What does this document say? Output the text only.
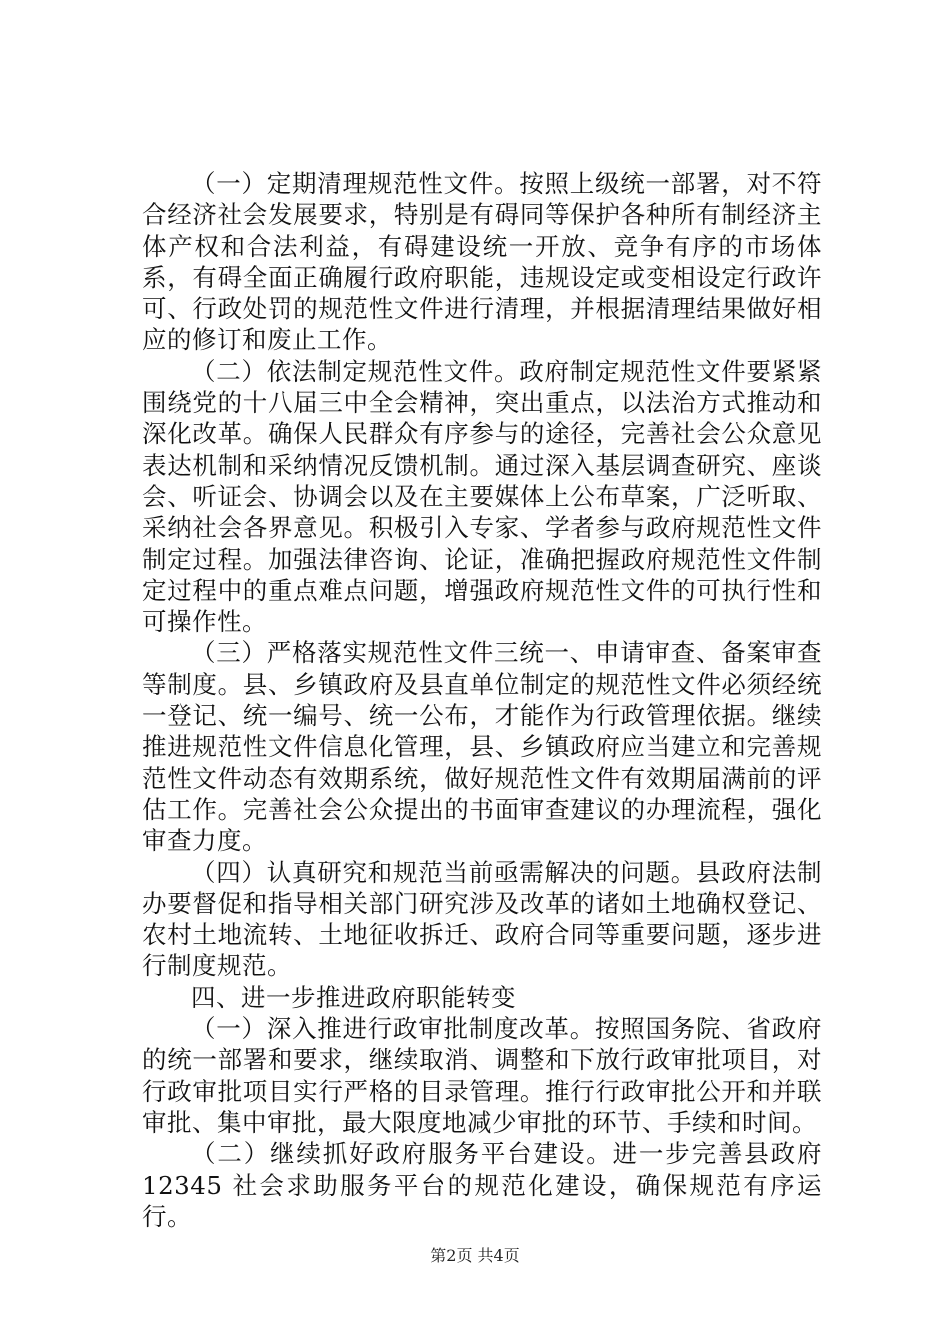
（一）定期清理规范性文件。按照上级统一部署，对不符合经济社会发展要求，特别是有碍同等保护各种所有制经济主体产权和合法利益，有碍建设统一开放、竞争有序的市场体系，有碍全面正确履行政府职能，违规设定或变相设定行政许可、行政处罚的规范性文件进行清理，并根据清理结果做好相应的修订和废止工作。

（二）依法制定规范性文件。政府制定规范性文件要紧紧围绕党的十八届三中全会精神，突出重点，以法治方式推动和深化改革。确保人民群众有序参与的途径，完善社会公众意见表达机制和采纳情况反馈机制。通过深入基层调查研究、座谈会、听证会、协调会以及在主要媒体上公布草案，广泛听取、采纳社会各界意见。积极引入专家、学者参与政府规范性文件制定过程。加强法律咨询、论证，准确把握政府规范性文件制定过程中的重点难点问题，增强政府规范性文件的可执行性和可操作性。

（三）严格落实规范性文件三统一、申请审查、备案审查等制度。县、乡镇政府及县直单位制定的规范性文件必须经统一登记、统一编号、统一公布，才能作为行政管理依据。继续推进规范性文件信息化管理，县、乡镇政府应当建立和完善规范性文件动态有效期系统，做好规范性文件有效期届满前的评估工作。完善社会公众提出的书面审查建议的办理流程，强化审查力度。

（四）认真研究和规范当前亟需解决的问题。县政府法制办要督促和指导相关部门研究涉及改革的诸如土地确权登记、农村土地流转、土地征收拆迁、政府合同等重要问题，逐步进行制度规范。

四、进一步推进政府职能转变

（一）深入推进行政审批制度改革。按照国务院、省政府的统一部署和要求，继续取消、调整和下放行政审批项目，对行政审批项目实行严格的目录管理。推行行政审批公开和并联审批、集中审批，最大限度地减少审批的环节、手续和时间。

（二）继续抓好政府服务平台建设。进一步完善县政府12345 社会求助服务平台的规范化建设，确保规范有序运行。

第2页 共4页
